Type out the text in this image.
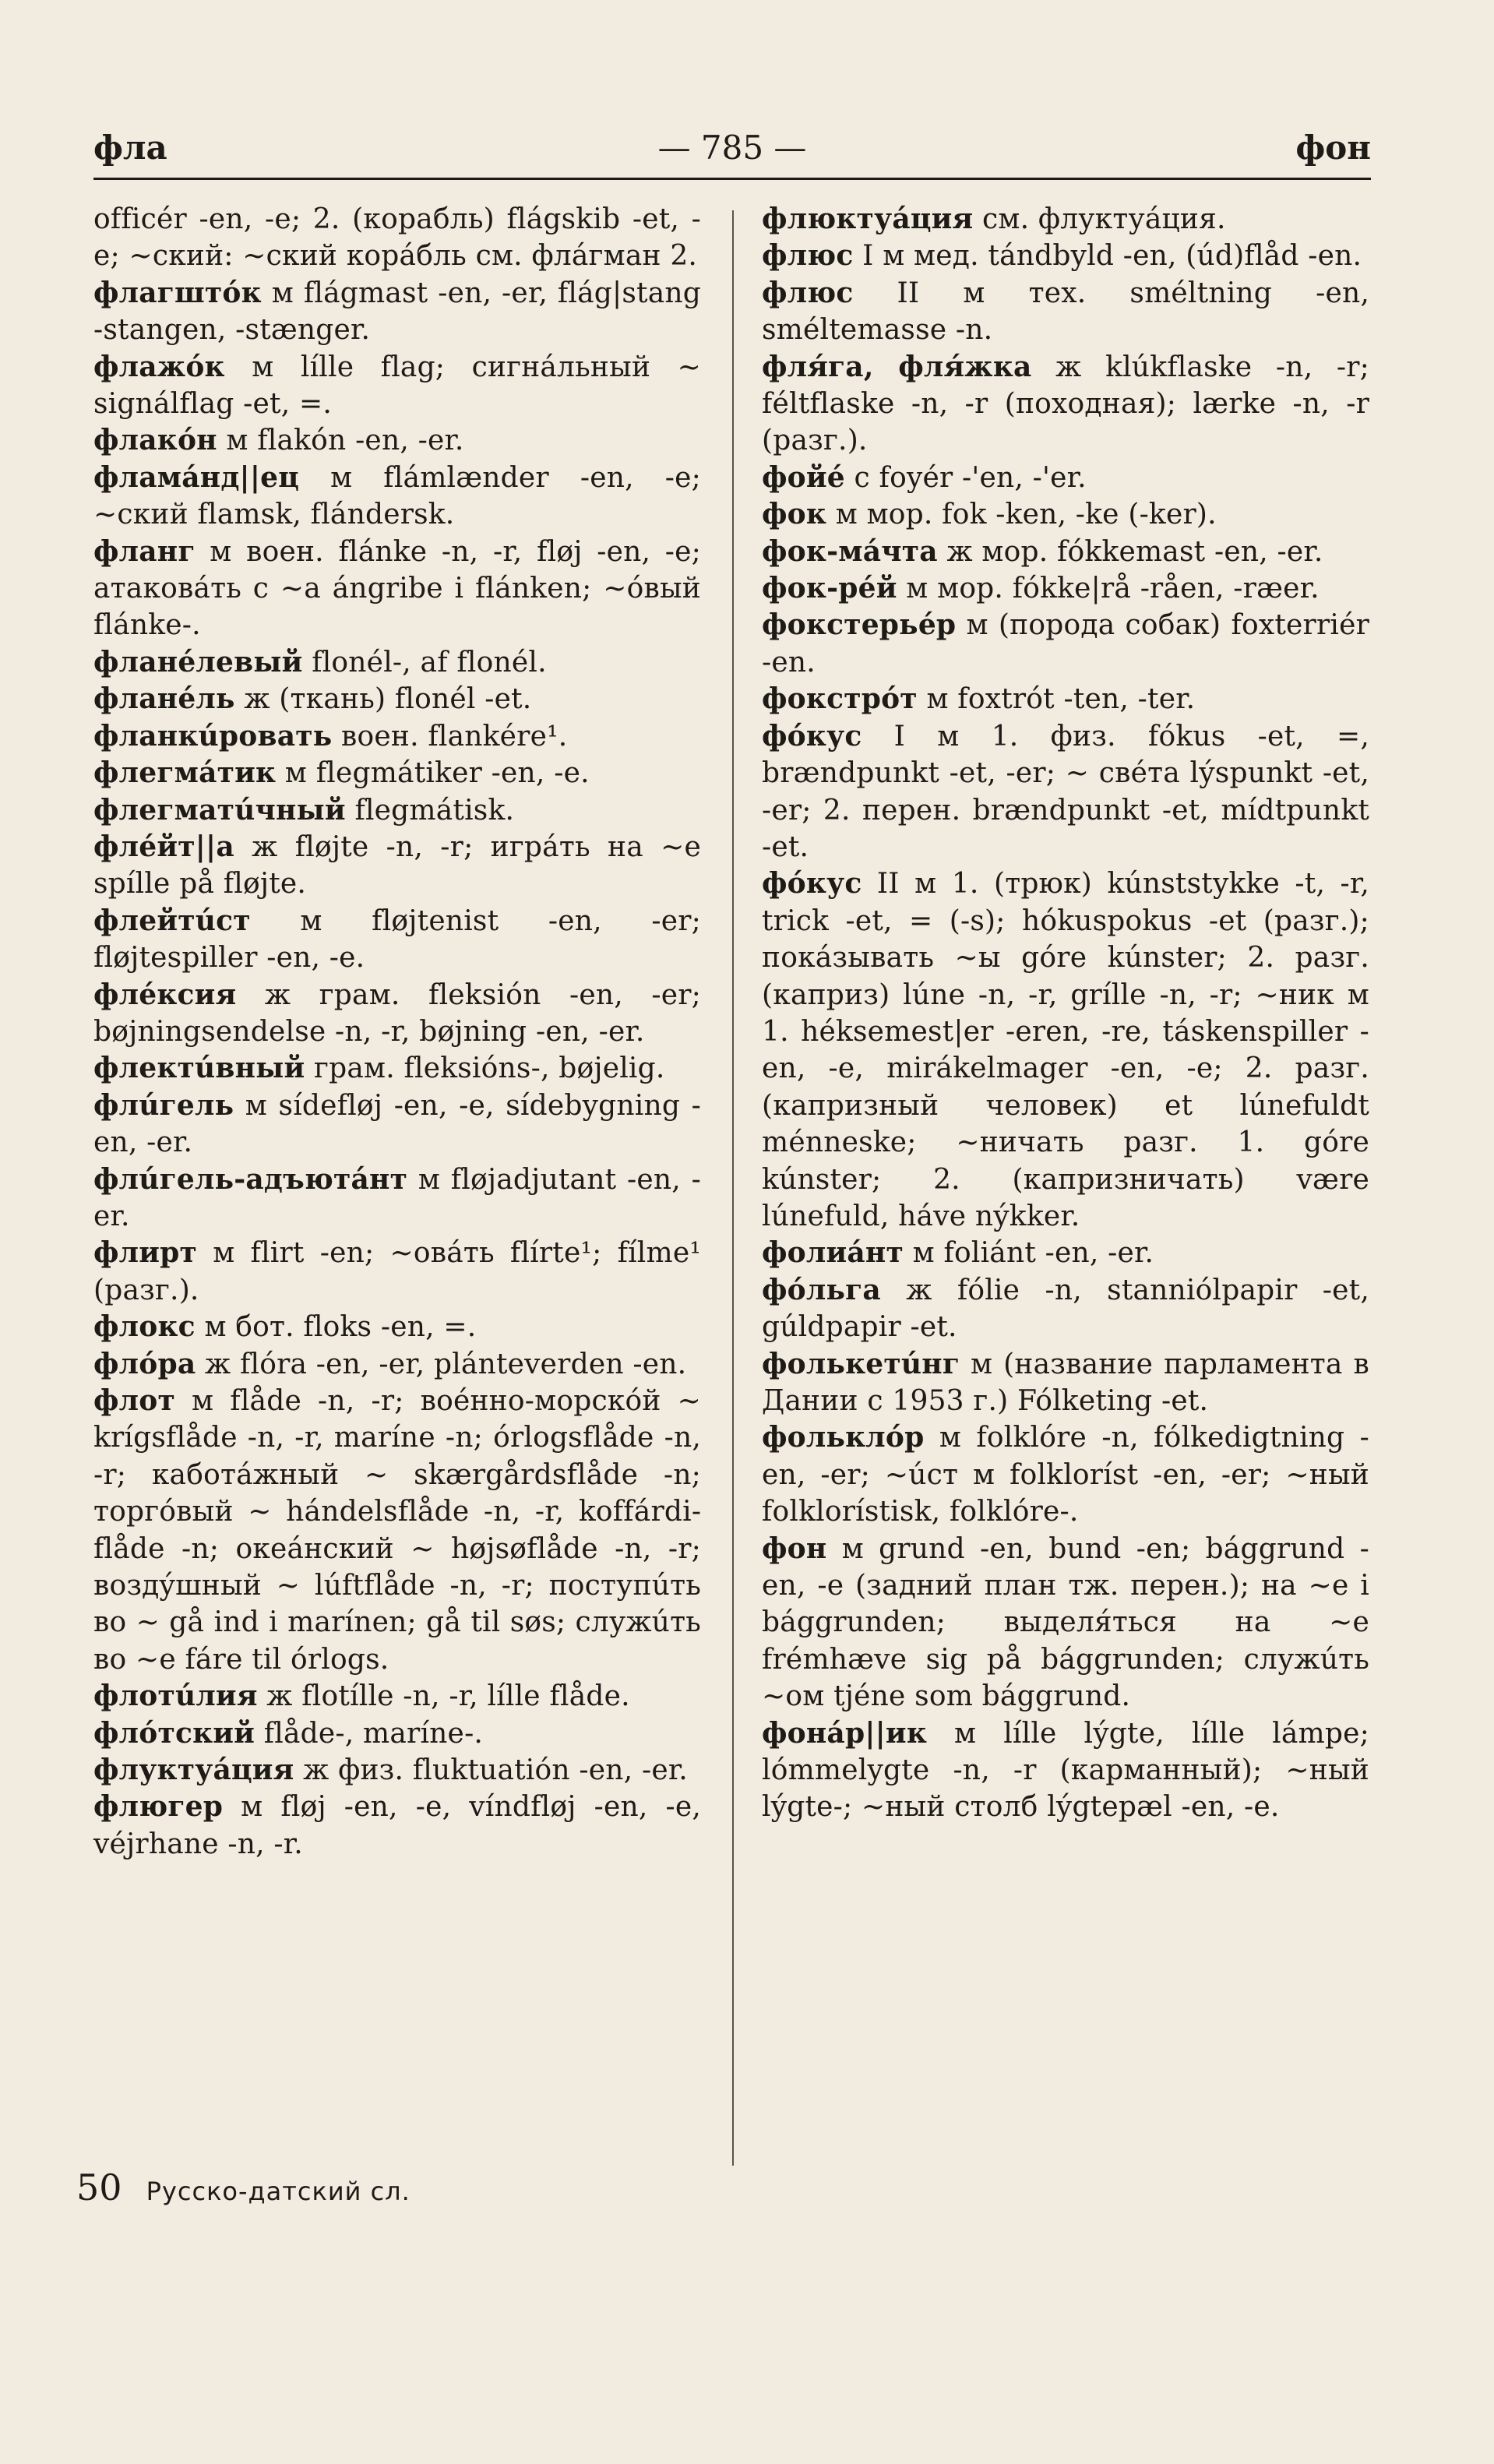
фла	— 785 —	фон

officér -en, -e; 2. (корабль) flágskib -et, -e; ~ский: ~ский корáбль см. флáгман 2.

флагштóк м flágmast -en, -er, flág|stang -stangen, -stænger.

флажóк м lílle flag; сигнáльный ~ signálflag -et, =.

флакóн м flakón -en, -er.

фламáнд||ец м flámlænder -en, -e; ~ский flamsk, flándersk.

фланг м воен. flánke -n, -r, fløj -en, -e; атаковáть с ~а ángribe i flánken; ~óвый flánke-.

фланéлевый flonél-, af flonél.

фланéль ж (ткань) flonél -et.

фланкúровать воен. flankére¹.

флегмáтик м flegmátiker -en, -e.

флегматúчный flegmátisk.

флéйт||а ж fløjte -n, -r; игрáть на ~е spílle på fløjte.

флейтúст м fløjtenist -en, -er; fløjtespiller -en, -e.

флéксия ж грам. fleksión -en, -er; bøjningsendelse -n, -r, bøjning -en, -er.

флектúвный грам. fleksións-, bøjelig.

флúгель м sídefløj -en, -e, sídebygning -en, -er.

флúгель-адъютáнт м fløjadjutant -en, -er.

флирт м flirt -en; ~овáть flírte¹; fílme¹ (разг.).

флокс м бот. floks -en, =.

флóра ж flóra -en, -er, plánteverden -en.

флот м flåde -n, -r; воéнно-морскóй ~ krígsflåde -n, -r, maríne -n; órlogsflåde -n, -r; каботáжный ~ skærgårdsflåde -n; торгóвый ~ hándelsflåde -n, -r, koffárdiflåde -n; океáнский ~ højsøflåde -n, -r; воздýшный ~ lúftflåde -n, -r; поступúть во ~ gå ind i marínen; gå til søs; служúть во ~е fáre til órlogs.

флотúлия ж flotílle -n, -r, lílle flåde.

флóтский flåde-, maríne-.

флуктуáция ж физ. fluktuatión -en, -er.

флюгер м fløj -en, -e, víndfløj -en, -e, véjrhane -n, -r.

флюктуáция см. флуктуáция.

флюс I м мед. tándbyld -en, (úd)flåd -en.

флюс II м тех. sméltning -en, sméltemasse -n.

фля́га, фля́жка ж klúkflaske -n, -r; féltflaske -n, -r (походная); lærke -n, -r (разг.).

фойé с foyér -'en, -'er.

фок м мор. fok -ken, -ke (-ker).

фок-мáчта ж мор. fókkemast -en, -er.

фок-рéй м мор. fókke|rå -råen, -ræer.

фокстерьéр м (порода собак) foxterriér -en.

фокстрóт м foxtrót -ten, -ter.

фóкус I м 1. физ. fókus -et, =, brændpunkt -et, -er; ~ свéта lýspunkt -et, -er; 2. перен. brændpunkt -et, mídtpunkt -et.

фóкус II м 1. (трюк) kúnststykke -t, -r, trick -et, = (-s); hókuspokus -et (разг.); покáзывать ~ы góre kúnster; 2. разг. (каприз) lúne -n, -r, grílle -n, -r; ~ник м 1. héksemest|er -eren, -re, táskenspiller -en, -e, mirákelmager -en, -e; 2. разг. (капризный человек) et lúnefuldt ménneske; ~ничать разг. 1. góre kúnster; 2. (капризничать) være lúnefuld, háve nýkker.

фолиáнт м foliánt -en, -er.

фóльга ж fólie -n, stanniólpapir -et, gúldpapir -et.

фолькетúнг м (название парламента в Дании с 1953 г.) Fólketing -et.

фольклóр м folklóre -n, fólkedigtning -en, -er; ~úст м folkloríst -en, -er; ~ный folklorístisk, folklóre-.

фон м grund -en, bund -en; bággrund -en, -e (задний план тж. перен.); на ~е i bággrunden; выделя́ться на ~е frémhæve sig på bággrunden; служúть ~ом tjéne som bággrund.

фонáр||ик м lílle lýgte, lílle lámpe; lómmelygte -n, -r (карманный); ~ный lýgte-; ~ный столб lýgtepæl -en, -e.

50 Русско-датский сл.
